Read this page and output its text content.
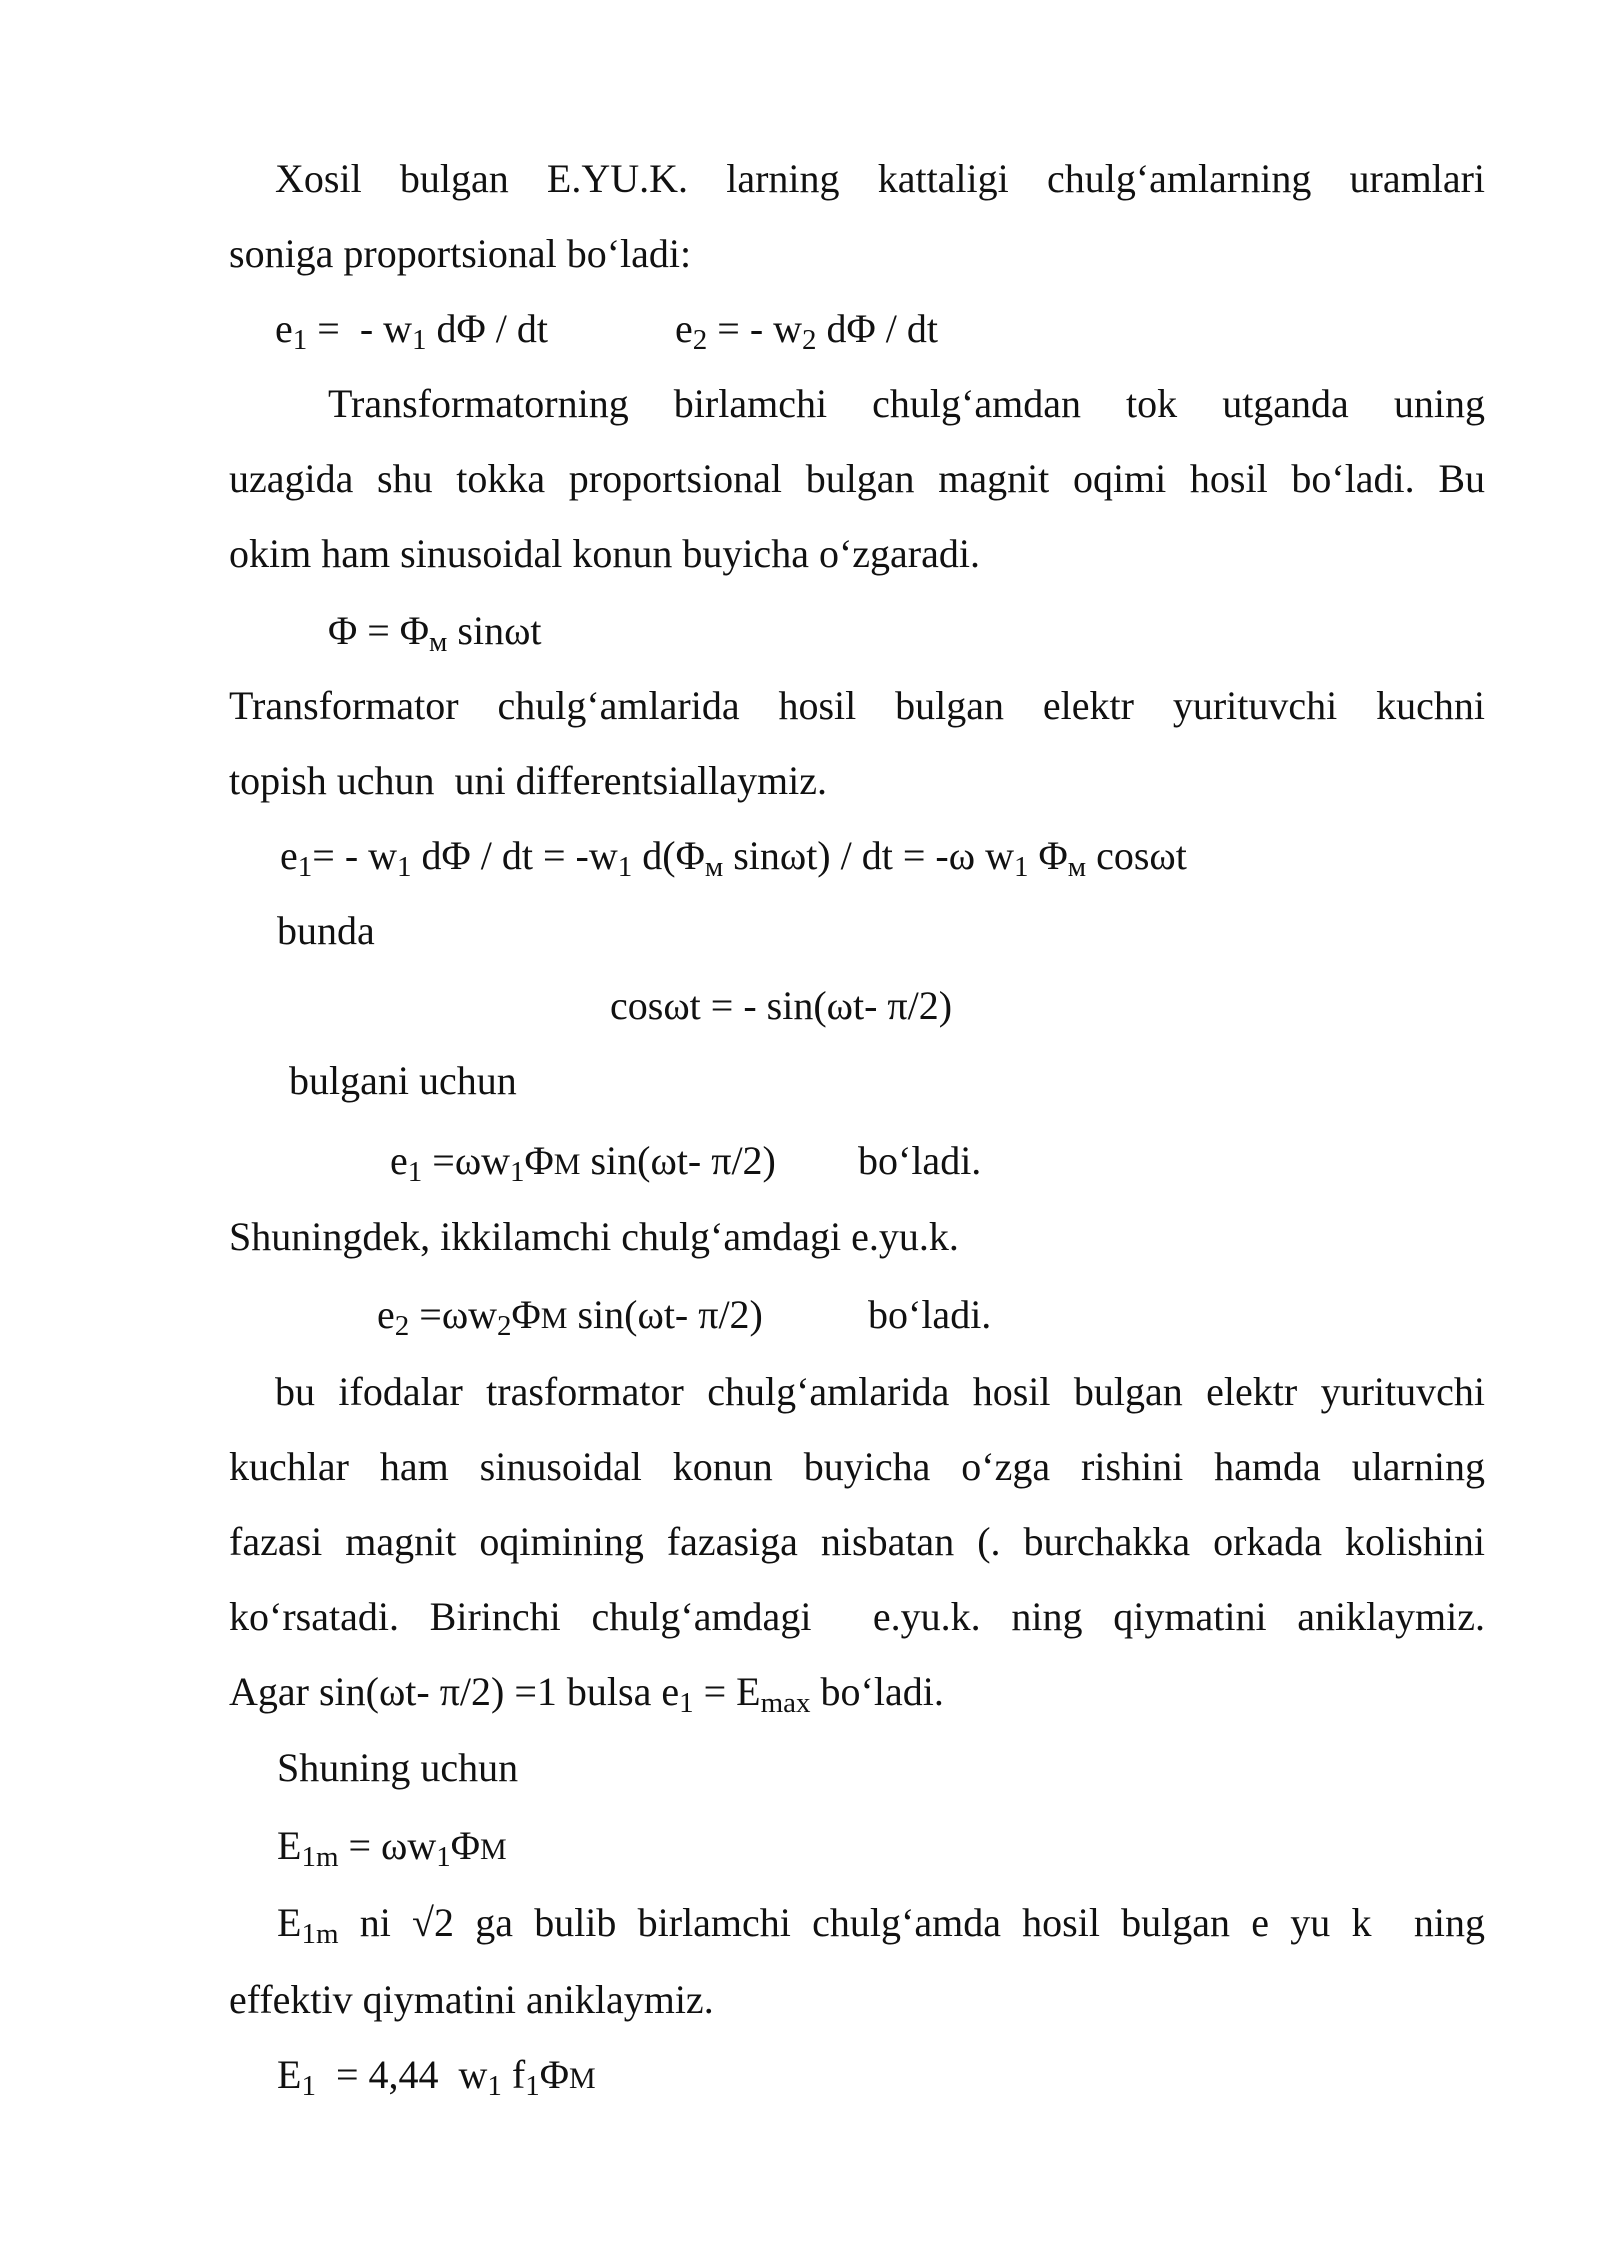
Xosil bulgan E.YU.K. larning kattaligi chulg‘amlarning uramlari
soniga proportsional bo‘ladi:
$e_1$ =  - $w_1$ dΦ / dt	$e_2$ = - $w_2$ dΦ / dt
Transformatorning birlamchi chulg‘amdan tok utganda uning
uzagida shu tokka proportsional bulgan magnit oqimi hosil bo‘ladi. Bu
okim ham sinusoidal konun buyicha o‘zgaradi.
$\Phi = \Phi_м$ sinωt
Transformator chulg‘amlarida hosil bulgan elektr yurituvchi kuchni
topish uchun  uni differentsiallaymiz.
$e_1= - w_1$ dΦ / dt = $-w_1$ $d(\Phi_м$ sinωt) / dt = -ω $w_1$ $\Phi_м$ cosωt
bunda
cosωt = - sin(ωt- π/2)
bulgani uchun
$e_1 =\omega w_1\Phi M$ sin(ωt- π/2) bo‘ladi.
Shuningdek, ikkilamchi chulg‘amdagi e.yu.k.
$e_2 =\omega w_2\Phi M$ sin(ωt- π/2)	bo‘ladi.
bu ifodalar trasformator chulg‘amlarida hosil bulgan elektr yurituvchi
kuchlar ham sinusoidal konun buyicha o‘zga rishini hamda ularning
fazasi magnit oqimining fazasiga nisbatan (. burchakka orkada kolishini
ko‘rsatadi. Birinchi chulg‘amdagi  e.yu.k. ning qiymatini aniklaymiz.
Agar sin(ωt- π/2) =1 bulsa $e_1 = E_{max}$ bo‘ladi.
Shuning uchun
$E_{1m} = \omega w_1\Phi M$
$E_{1m}$ ni √2 ga bulib birlamchi chulg‘amda hosil bulgan e yu k  ning
effektiv qiymatini aniklaymiz.
$E_1 = 4,44$  $w_1$ $f_1\Phi M$
